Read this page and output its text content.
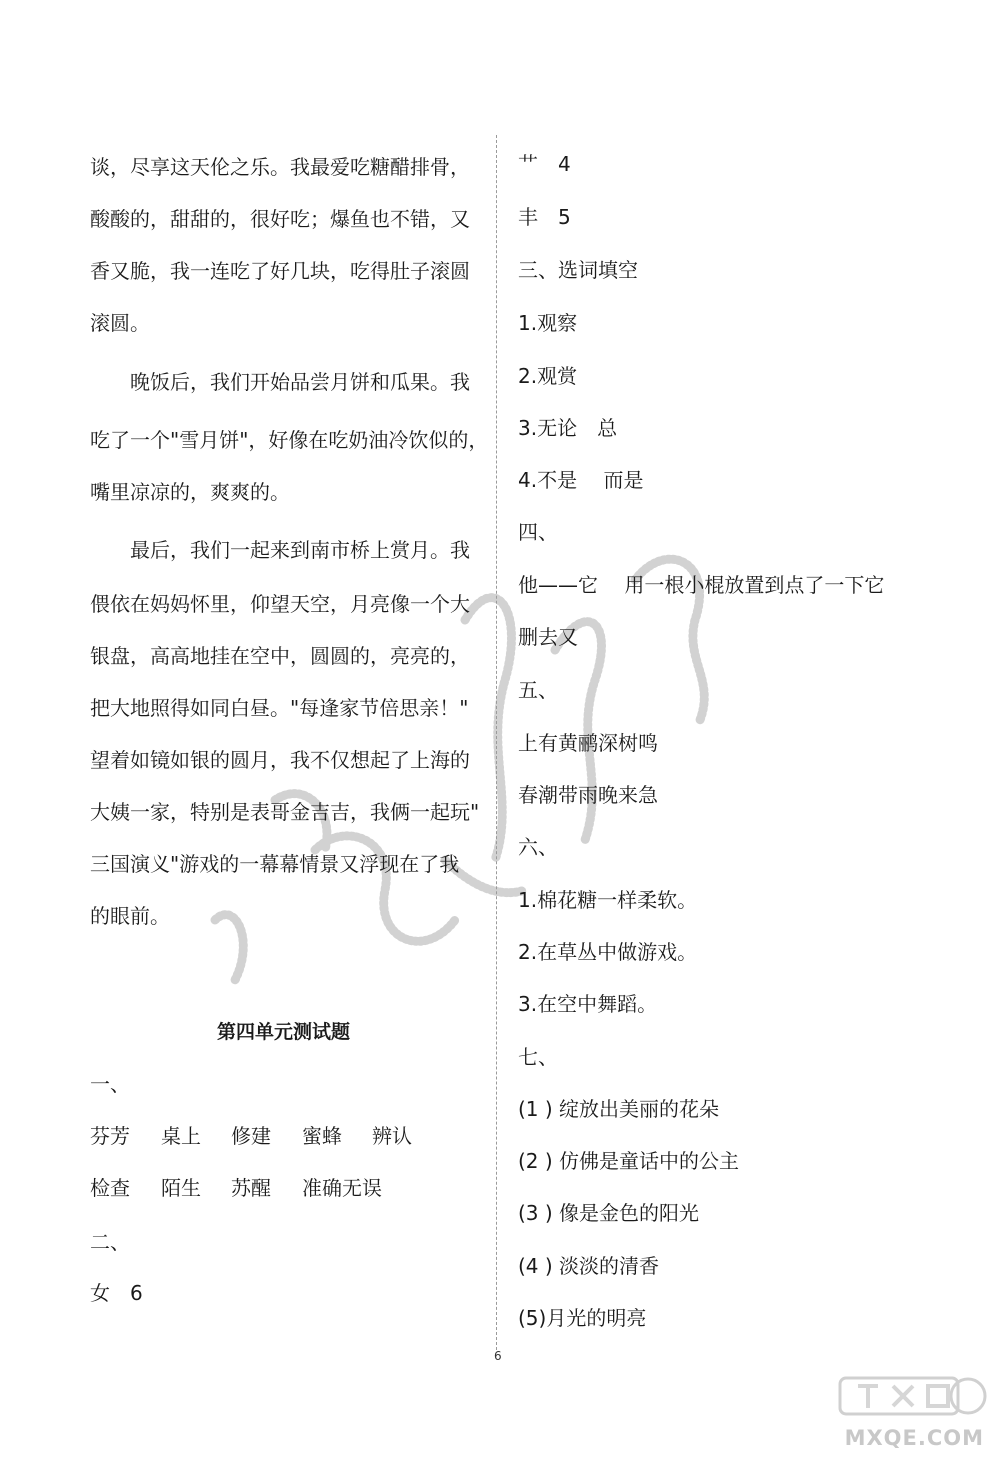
谈，尽享这天伦之乐。我最爱吃糖醋排骨，
酸酸的，甜甜的，很好吃；爆鱼也不错，又
香又脆，我一连吃了好几块，吃得肚子滚圆
滚圆。
　　晚饭后，我们开始品尝月饼和瓜果。我
吃了一个"雪月饼"，好像在吃奶油冷饮似的，
嘴里凉凉的，爽爽的。
　　最后，我们一起来到南市桥上赏月。我
偎依在妈妈怀里，仰望天空，月亮像一个大
银盘，高高地挂在空中，圆圆的，亮亮的，
把大地照得如同白昼。"每逢家节倍思亲！"
望着如镜如银的圆月，我不仅想起了上海的
大姨一家，特别是表哥金吉吉，我俩一起玩"
三国演义"游戏的一幕幕情景又浮现在了我
的眼前。
第四单元测试题
一、
芬芳 桌上 修建 蜜蜂 辨认
检查 陌生 苏醒 准确无误
二、
女　6
艹　4
丰　5
三、选词填空
1.观察
2.观赏
3.无论　总
4.不是　 而是
四、
他——它　 用一根小棍放置到点了一下它
删去又
五、
上有黄鹂深树鸣
春潮带雨晚来急
六、
1.棉花糖一样柔软。
2.在草丛中做游戏。
3.在空中舞蹈。
七、
(1 ) 绽放出美丽的花朵
(2 ) 仿佛是童话中的公主
(3 ) 像是金色的阳光
(4 ) 淡淡的清香
(5)月光的明亮
6
MXQE.COM
